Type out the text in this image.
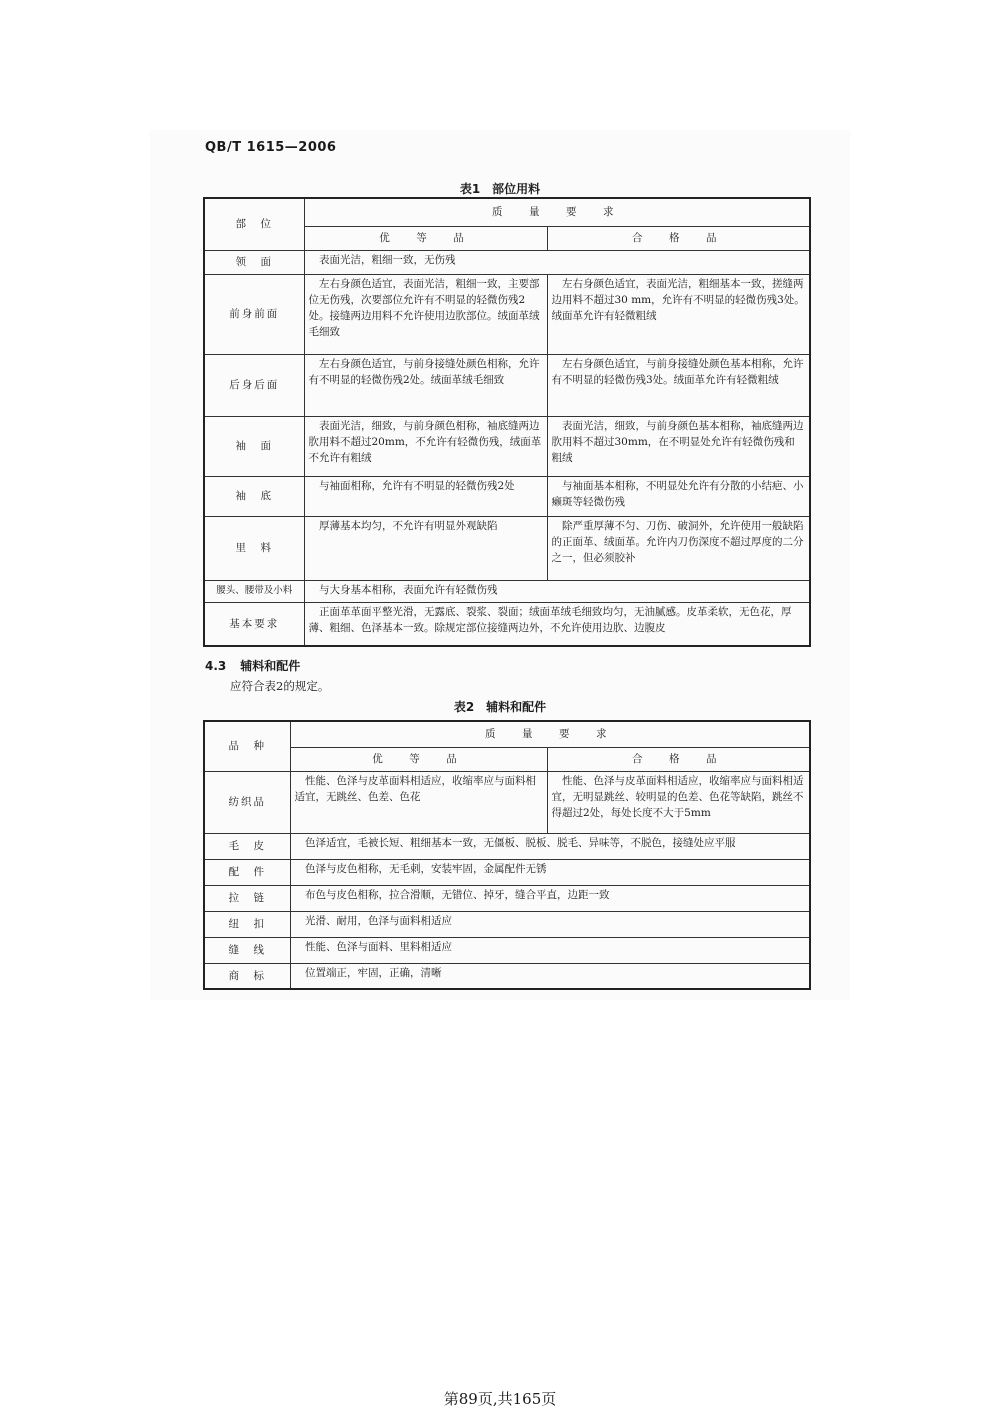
QB/T 1615—2006
表1　部位用料
部　位	质　量　要　求	
	优　等　品	合　格　品
领　面	表面光洁，粗细一致，无伤残	
前身前面	左右身颜色适宜，表面光洁，粗细一致，主要部位无伤残，次要部位允许有不明显的轻微伤残2处。接缝两边用料不允许使用边肷部位。绒面革绒毛细致	左右身颜色适宜，表面光洁，粗细基本一致，搓缝两边用料不超过30 mm，允许有不明显的轻微伤残3处。绒面革允许有轻微粗绒
后身后面	左右身颜色适宜，与前身接缝处颜色相称，允许有不明显的轻微伤残2处。绒面革绒毛细致	左右身颜色适宜，与前身接缝处颜色基本相称，允许有不明显的轻微伤残3处。绒面革允许有轻微粗绒
袖　面	表面光洁，细致，与前身颜色相称，袖底缝两边肷用料不超过20mm，不允许有轻微伤残，绒面革不允许有粗绒	表面光洁，细致，与前身颜色基本相称，袖底缝两边肷用料不超过30mm，在不明显处允许有轻微伤残和粗绒
袖　底	与袖面相称，允许有不明显的轻微伤残2处	与袖面基本相称，不明显处允许有分散的小结疤、小癞斑等轻微伤残
里　料	厚薄基本均匀，不允许有明显外观缺陷	除严重厚薄不匀、刀伤、破洞外，允许使用一般缺陷的正面革、绒面革。允许内刀伤深度不超过厚度的二分之一，但必须胶补
腰头、腰带及小料	与大身基本相称，表面允许有轻微伤残	
基本要求	正面革革面平整光滑，无露底、裂浆、裂面；绒面革绒毛细致均匀，无油腻感。皮革柔软，无色花，厚薄、粗细、色泽基本一致。除规定部位接缝两边外，不允许使用边肷、边腹皮	
4.3 辅料和配件
应符合表2的规定。
表2　辅料和配件
品　种	质　量　要　求	
	优　等　品	合　格　品
纺织品	性能、色泽与皮革面料相适应，收缩率应与面料相适宜，无跳丝、色差、色花	性能、色泽与皮革面料相适应，收缩率应与面料相适宜，无明显跳丝、较明显的色差、色花等缺陷，跳丝不得超过2处，每处长度不大于5mm
毛　皮	色泽适宜，毛被长短、粗细基本一致，无僵板、脱板、脱毛、异味等，不脱色，接缝处应平服	
配　件	色泽与皮色相称，无毛刺，安装牢固，金属配件无锈	
拉　链	布色与皮色相称，拉合滑顺，无错位、掉牙，缝合平直，边距一致	
纽　扣	光滑、耐用，色泽与面料相适应	
缝　线	性能、色泽与面料、里料相适应	
商　标	位置端正，牢固，正确，清晰	
第89页,共165页
